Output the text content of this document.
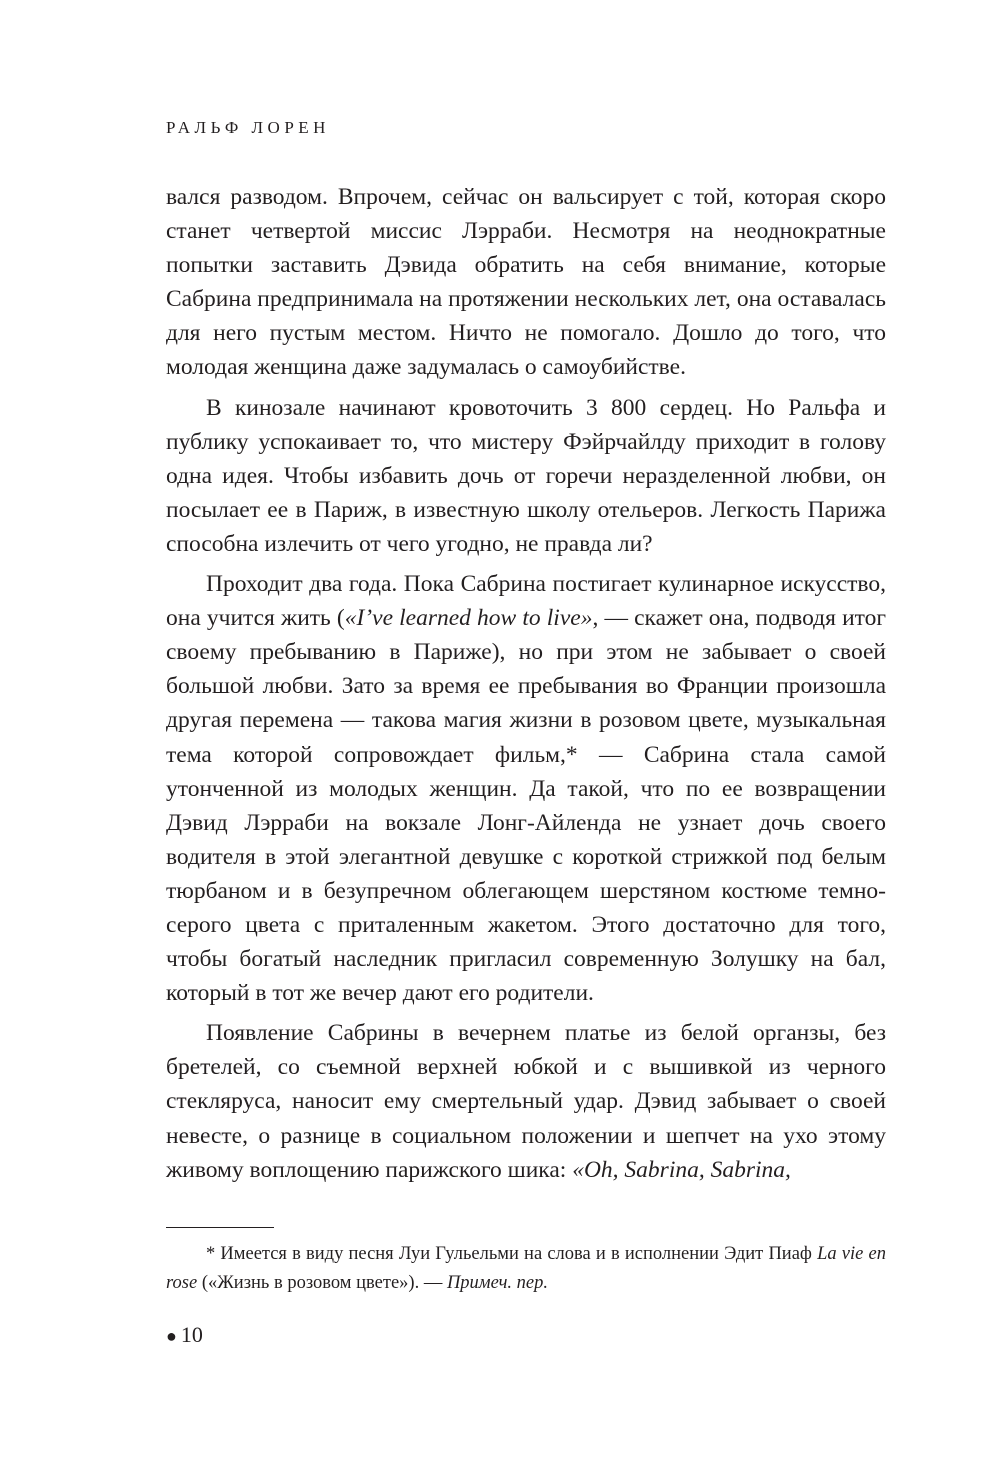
РАЛЬФ ЛОРЕН

вался разводом. Впрочем, сейчас он вальсирует с той, которая скоро станет четвертой миссис Лэрраби. Несмотря на неоднократные попытки заставить Дэвида обратить на себя внимание, которые Сабрина предпринимала на протяжении нескольких лет, она оставалась для него пустым местом. Ничто не помогало. Дошло до того, что молодая женщина даже задумалась о самоубийстве.

В кинозале начинают кровоточить 3 800 сердец. Но Ральфа и публику успокаивает то, что мистеру Фэйрчайлду приходит в голову одна идея. Чтобы избавить дочь от горечи неразделенной любви, он посылает ее в Париж, в известную школу отельеров. Легкость Парижа способна излечить от чего угодно, не правда ли?

Проходит два года. Пока Сабрина постигает кулинарное искусство, она учится жить («I’ve learned how to live», — скажет она, подводя итог своему пребыванию в Париже), но при этом не забывает о своей большой любви. Зато за время ее пребывания во Франции произошла другая перемена — такова магия жизни в розовом цвете, музыкальная тема которой сопровождает фильм,* — Сабрина стала самой утонченной из молодых женщин. Да такой, что по ее возвращении Дэвид Лэрраби на вокзале Лонг-Айленда не узнает дочь своего водителя в этой элегантной девушке с короткой стрижкой под белым тюрбаном и в безупречном облегающем шерстяном костюме темно-серого цвета с приталенным жакетом. Этого достаточно для того, чтобы богатый наследник пригласил современную Золушку на бал, который в тот же вечер дают его родители.

Появление Сабрины в вечернем платье из белой органзы, без бретелей, со съемной верхней юбкой и с вышивкой из черного стекляруса, наносит ему смертельный удар. Дэвид забывает о своей невесте, о разнице в социальном положении и шепчет на ухо этому живому воплощению парижского шика: «Oh, Sabrina, Sabrina,

* Имеется в виду песня Луи Гульельми на слова и в исполнении Эдит Пиаф La vie en rose («Жизнь в розовом цвете»). — Примеч. пер.

● 10
